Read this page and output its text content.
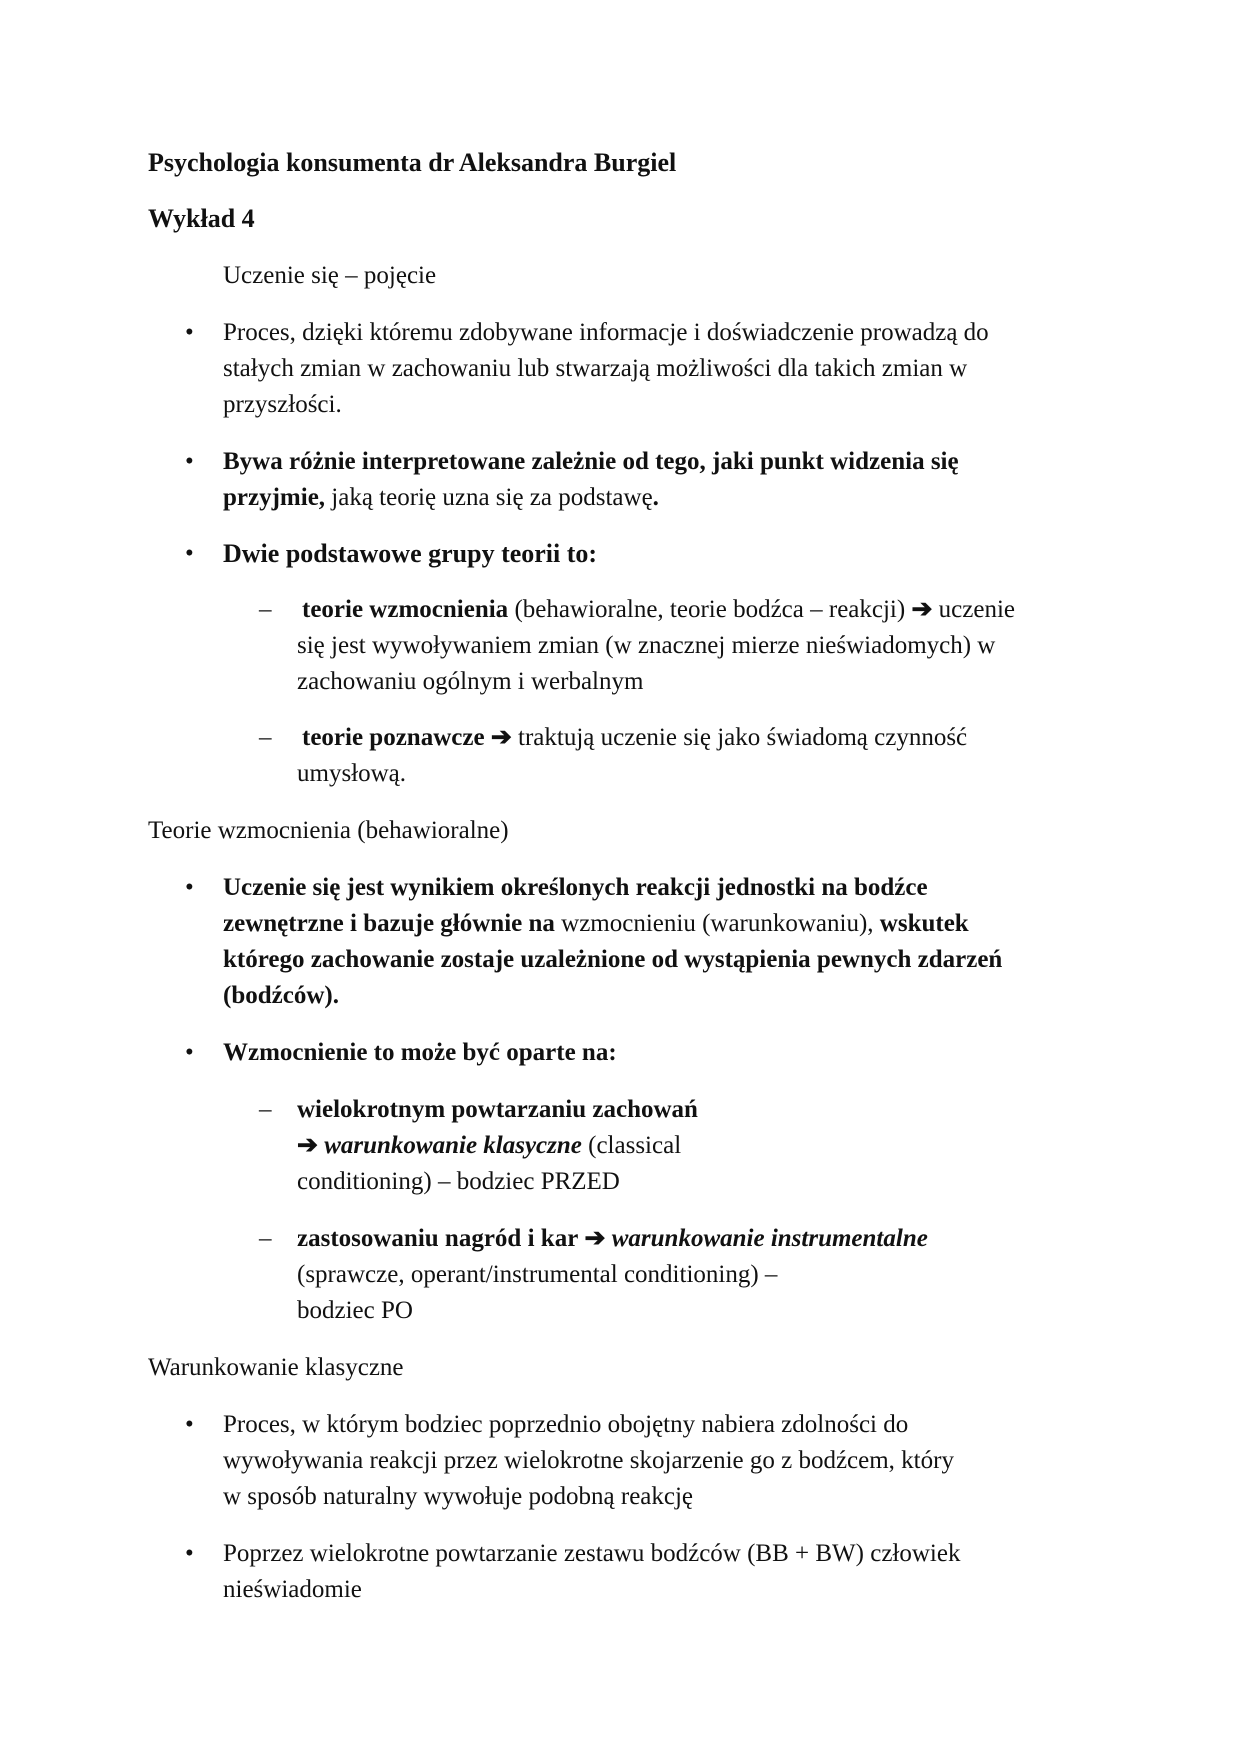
Psychologia konsumenta dr Aleksandra Burgiel
Wykład 4
Uczenie się – pojęcie
• Proces, dzięki któremu zdobywane informacje i doświadczenie prowadzą do
stałych zmian w zachowaniu lub stwarzają możliwości dla takich zmian w
przyszłości.
• Bywa różnie interpretowane zależnie od tego, jaki punkt widzenia się
przyjmie, jaką teorię uzna się za podstawę.
• Dwie podstawowe grupy teorii to:
– teorie wzmocnienia (behawioralne, teorie bodźca – reakcji) ➔ uczenie
się jest wywoływaniem zmian (w znacznej mierze nieświadomych) w
zachowaniu ogólnym i werbalnym
– teorie poznawcze ➔ traktują uczenie się jako świadomą czynność
umysłową.
Teorie wzmocnienia (behawioralne)
• Uczenie się jest wynikiem określonych reakcji jednostki na bodźce
zewnętrzne i bazuje głównie na wzmocnieniu (warunkowaniu), wskutek
którego zachowanie zostaje uzależnione od wystąpienia pewnych zdarzeń
(bodźców).
• Wzmocnienie to może być oparte na:
– wielokrotnym powtarzaniu zachowań
➔ warunkowanie klasyczne (classical
conditioning) – bodziec PRZED
– zastosowaniu nagród i kar ➔ warunkowanie instrumentalne
(sprawcze, operant/instrumental conditioning) –
bodziec PO
Warunkowanie klasyczne
• Proces, w którym bodziec poprzednio obojętny nabiera zdolności do
wywoływania reakcji przez wielokrotne skojarzenie go z bodźcem, który
w sposób naturalny wywołuje podobną reakcję
• Poprzez wielokrotne powtarzanie zestawu bodźców (BB + BW) człowiek
nieświadomie
